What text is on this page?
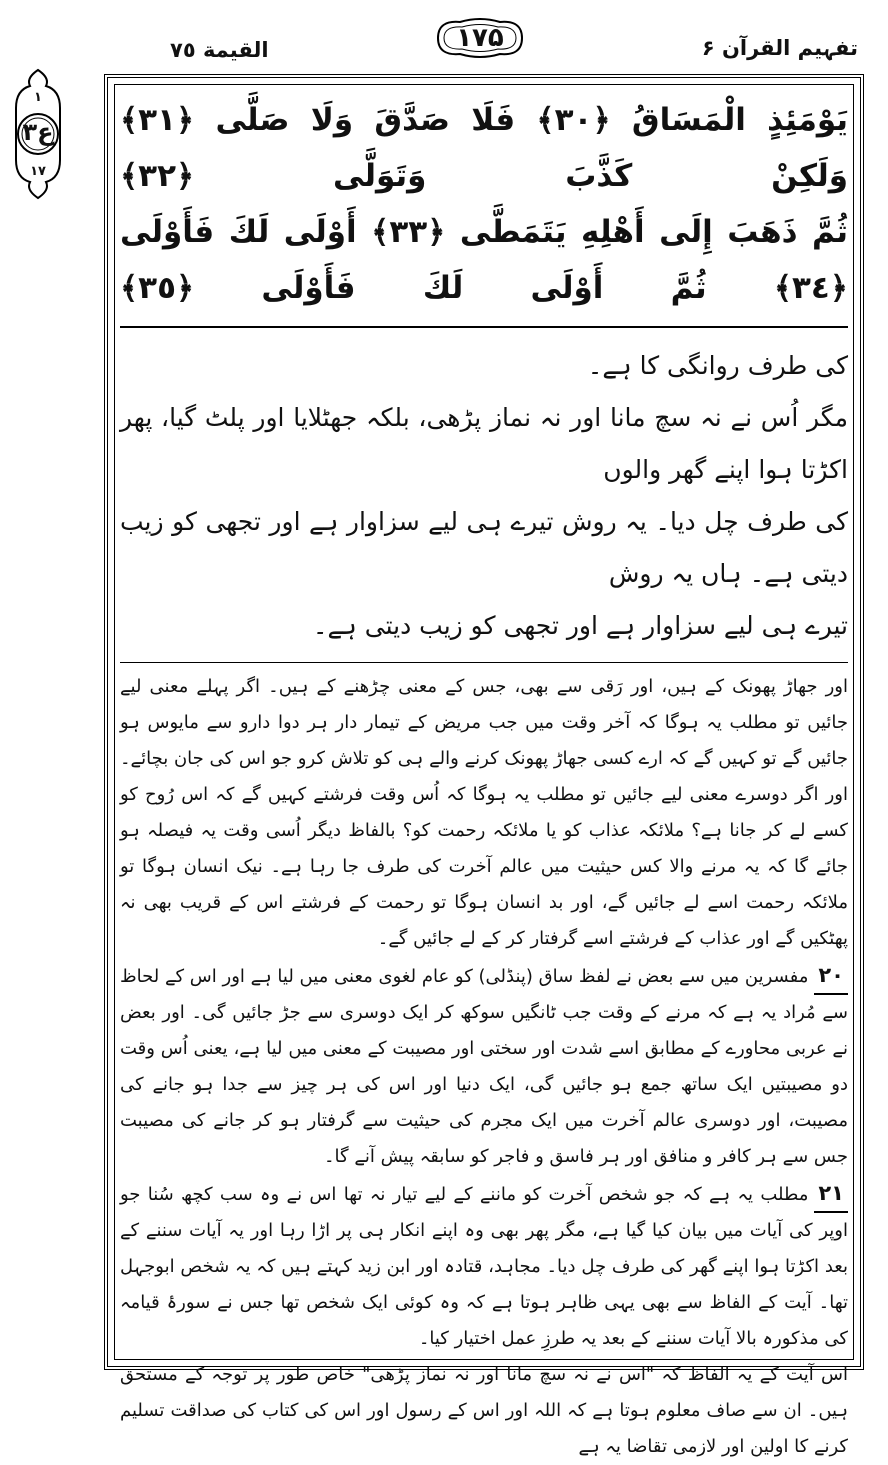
القيمة ٧٥	۱۷۵	تفہیم القرآن ۶
۱
ع۳
۱۷

يَوْمَئِذٍ الْمَسَاقُ ﴿٣٠﴾ فَلَا صَدَّقَ وَلَا صَلَّى ﴿٣١﴾ وَلَكِنْ كَذَّبَ وَتَوَلَّى ﴿٣٢﴾

ثُمَّ ذَهَبَ إِلَى أَهْلِهِ يَتَمَطَّى ﴿٣٣﴾ أَوْلَى لَكَ فَأَوْلَى ﴿٣٤﴾ ثُمَّ أَوْلَى لَكَ فَأَوْلَى ﴿٣٥﴾

کی طرف روانگی کا ہے۔

مگر اُس نے نہ سچ مانا اور نہ نماز پڑھی، بلکہ جھٹلایا اور پلٹ گیا، پھر اکڑتا ہوا اپنے گھر والوں

کی طرف چل دیا۔ یہ روش تیرے ہی لیے سزاوار ہے اور تجھی کو زیب دیتی ہے۔ ہاں یہ روش

تیرے ہی لیے سزاوار ہے اور تجھی کو زیب دیتی ہے۔

اور جھاڑ پھونک کے ہیں، اور رَقی سے بھی، جس کے معنی چڑھنے کے ہیں۔ اگر پہلے معنی لیے جائیں تو مطلب یہ ہوگا کہ آخر وقت میں جب مریض کے تیمار دار ہر دوا دارو سے مایوس ہو جائیں گے تو کہیں گے کہ ارے کسی جھاڑ پھونک کرنے والے ہی کو تلاش کرو جو اس کی جان بچائے۔ اور اگر دوسرے معنی لیے جائیں تو مطلب یہ ہوگا کہ اُس وقت فرشتے کہیں گے کہ اس رُوح کو کسے لے کر جانا ہے؟ ملائکہ عذاب کو یا ملائکہ رحمت کو؟ بالفاظ دیگر اُسی وقت یہ فیصلہ ہو جائے گا کہ یہ مرنے والا کس حیثیت میں عالم آخرت کی طرف جا رہا ہے۔ نیک انسان ہوگا تو ملائکہ رحمت اسے لے جائیں گے، اور بد انسان ہوگا تو رحمت کے فرشتے اس کے قریب بھی نہ پھٹکیں گے اور عذاب کے فرشتے اسے گرفتار کر کے لے جائیں گے۔

۲۰مفسرین میں سے بعض نے لفظ ساق (پنڈلی) کو عام لغوی معنی میں لیا ہے اور اس کے لحاظ سے مُراد یہ ہے کہ مرنے کے وقت جب ٹانگیں سوکھ کر ایک دوسری سے جڑ جائیں گی۔ اور بعض نے عربی محاورے کے مطابق اسے شدت اور سختی اور مصیبت کے معنی میں لیا ہے، یعنی اُس وقت دو مصیبتیں ایک ساتھ جمع ہو جائیں گی، ایک دنیا اور اس کی ہر چیز سے جدا ہو جانے کی مصیبت، اور دوسری عالم آخرت میں ایک مجرم کی حیثیت سے گرفتار ہو کر جانے کی مصیبت جس سے ہر کافر و منافق اور ہر فاسق و فاجر کو سابقہ پیش آنے گا۔

۲۱مطلب یہ ہے کہ جو شخص آخرت کو ماننے کے لیے تیار نہ تھا اس نے وہ سب کچھ سُنا جو اوپر کی آیات میں بیان کیا گیا ہے، مگر پھر بھی وہ اپنے انکار ہی پر اڑا رہا اور یہ آیات سننے کے بعد اکڑتا ہوا اپنے گھر کی طرف چل دیا۔ مجاہد، قتادہ اور ابن زید کہتے ہیں کہ یہ شخص ابوجہل تھا۔ آیت کے الفاظ سے بھی یہی ظاہر ہوتا ہے کہ وہ کوئی ایک شخص تھا جس نے سورۂ قیامہ کی مذکورہ بالا آیات سننے کے بعد یہ طرزِ عمل اختیار کیا۔

اس آیت کے یہ الفاظ کہ "اس نے نہ سچ مانا اور نہ نماز پڑھی" خاص طور پر توجہ کے مستحق ہیں۔ ان سے صاف معلوم ہوتا ہے کہ اللہ اور اس کے رسول اور اس کی کتاب کی صداقت تسلیم کرنے کا اولین اور لازمی تقاضا یہ ہے
